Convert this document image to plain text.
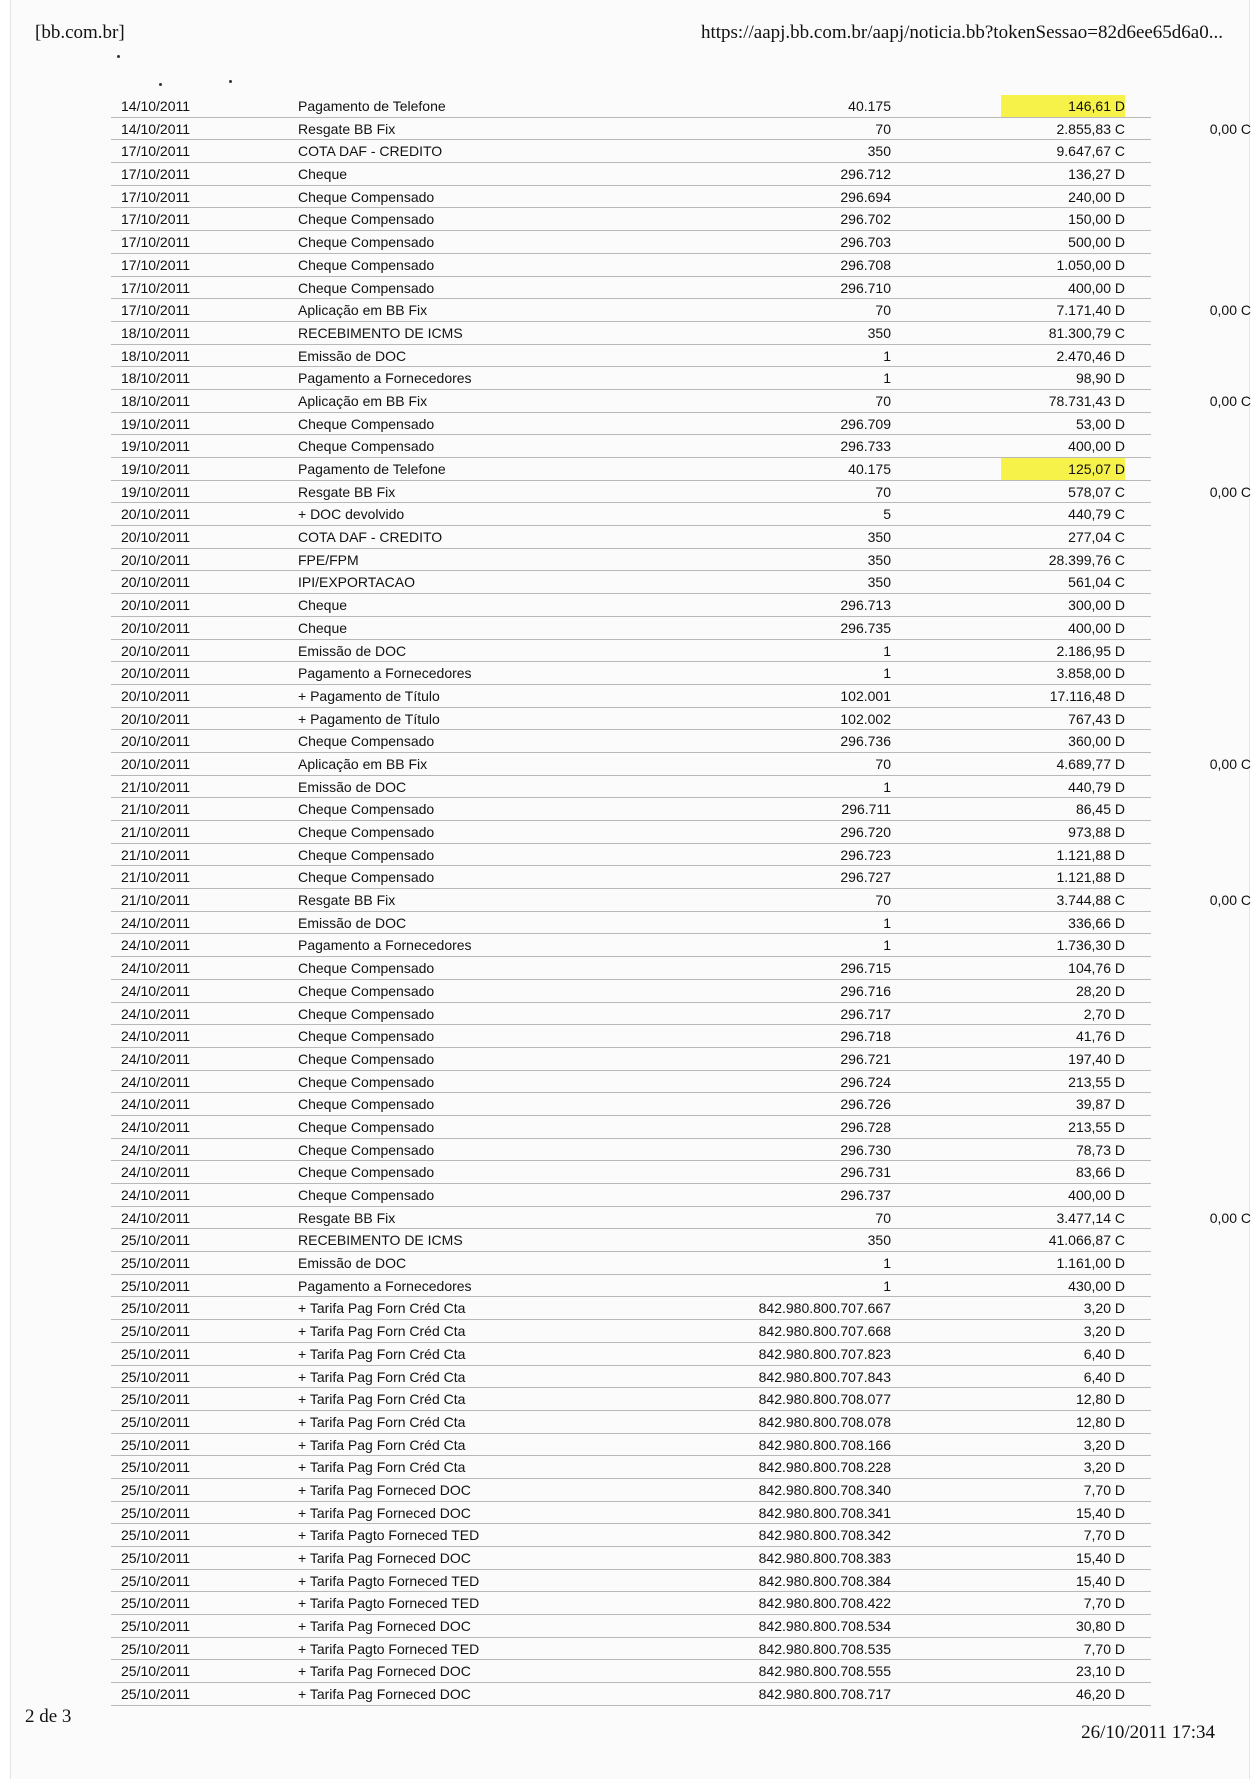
[bb.com.br]	https://aapj.bb.com.br/aapj/noticia.bb?tokenSessao=82d6ee65d6a0...
14/10/2011	Pagamento de Telefone	40.175	146,61 D
14/10/2011	Resgate BB Fix	70	2.855,83 C	0,00 C
17/10/2011	COTA DAF - CREDITO	350	9.647,67 C
17/10/2011	Cheque	296.712	136,27 D
17/10/2011	Cheque Compensado	296.694	240,00 D
17/10/2011	Cheque Compensado	296.702	150,00 D
17/10/2011	Cheque Compensado	296.703	500,00 D
17/10/2011	Cheque Compensado	296.708	1.050,00 D
17/10/2011	Cheque Compensado	296.710	400,00 D
17/10/2011	Aplicação em BB Fix	70	7.171,40 D	0,00 C
18/10/2011	RECEBIMENTO DE ICMS	350	81.300,79 C
18/10/2011	Emissão de DOC	1	2.470,46 D
18/10/2011	Pagamento a Fornecedores	1	98,90 D
18/10/2011	Aplicação em BB Fix	70	78.731,43 D	0,00 C
19/10/2011	Cheque Compensado	296.709	53,00 D
19/10/2011	Cheque Compensado	296.733	400,00 D
19/10/2011	Pagamento de Telefone	40.175	125,07 D
19/10/2011	Resgate BB Fix	70	578,07 C	0,00 C
20/10/2011	+ DOC devolvido	5	440,79 C
20/10/2011	COTA DAF - CREDITO	350	277,04 C
20/10/2011	FPE/FPM	350	28.399,76 C
20/10/2011	IPI/EXPORTACAO	350	561,04 C
20/10/2011	Cheque	296.713	300,00 D
20/10/2011	Cheque	296.735	400,00 D
20/10/2011	Emissão de DOC	1	2.186,95 D
20/10/2011	Pagamento a Fornecedores	1	3.858,00 D
20/10/2011	+ Pagamento de Título	102.001	17.116,48 D
20/10/2011	+ Pagamento de Título	102.002	767,43 D
20/10/2011	Cheque Compensado	296.736	360,00 D
20/10/2011	Aplicação em BB Fix	70	4.689,77 D	0,00 C
21/10/2011	Emissão de DOC	1	440,79 D
21/10/2011	Cheque Compensado	296.711	86,45 D
21/10/2011	Cheque Compensado	296.720	973,88 D
21/10/2011	Cheque Compensado	296.723	1.121,88 D
21/10/2011	Cheque Compensado	296.727	1.121,88 D
21/10/2011	Resgate BB Fix	70	3.744,88 C	0,00 C
24/10/2011	Emissão de DOC	1	336,66 D
24/10/2011	Pagamento a Fornecedores	1	1.736,30 D
24/10/2011	Cheque Compensado	296.715	104,76 D
24/10/2011	Cheque Compensado	296.716	28,20 D
24/10/2011	Cheque Compensado	296.717	2,70 D
24/10/2011	Cheque Compensado	296.718	41,76 D
24/10/2011	Cheque Compensado	296.721	197,40 D
24/10/2011	Cheque Compensado	296.724	213,55 D
24/10/2011	Cheque Compensado	296.726	39,87 D
24/10/2011	Cheque Compensado	296.728	213,55 D
24/10/2011	Cheque Compensado	296.730	78,73 D
24/10/2011	Cheque Compensado	296.731	83,66 D
24/10/2011	Cheque Compensado	296.737	400,00 D
24/10/2011	Resgate BB Fix	70	3.477,14 C	0,00 C
25/10/2011	RECEBIMENTO DE ICMS	350	41.066,87 C
25/10/2011	Emissão de DOC	1	1.161,00 D
25/10/2011	Pagamento a Fornecedores	1	430,00 D
25/10/2011	+ Tarifa Pag Forn Créd Cta	842.980.800.707.667	3,20 D
25/10/2011	+ Tarifa Pag Forn Créd Cta	842.980.800.707.668	3,20 D
25/10/2011	+ Tarifa Pag Forn Créd Cta	842.980.800.707.823	6,40 D
25/10/2011	+ Tarifa Pag Forn Créd Cta	842.980.800.707.843	6,40 D
25/10/2011	+ Tarifa Pag Forn Créd Cta	842.980.800.708.077	12,80 D
25/10/2011	+ Tarifa Pag Forn Créd Cta	842.980.800.708.078	12,80 D
25/10/2011	+ Tarifa Pag Forn Créd Cta	842.980.800.708.166	3,20 D
25/10/2011	+ Tarifa Pag Forn Créd Cta	842.980.800.708.228	3,20 D
25/10/2011	+ Tarifa Pag Forneced DOC	842.980.800.708.340	7,70 D
25/10/2011	+ Tarifa Pag Forneced DOC	842.980.800.708.341	15,40 D
25/10/2011	+ Tarifa Pagto Forneced TED	842.980.800.708.342	7,70 D
25/10/2011	+ Tarifa Pag Forneced DOC	842.980.800.708.383	15,40 D
25/10/2011	+ Tarifa Pagto Forneced TED	842.980.800.708.384	15,40 D
25/10/2011	+ Tarifa Pagto Forneced TED	842.980.800.708.422	7,70 D
25/10/2011	+ Tarifa Pag Forneced DOC	842.980.800.708.534	30,80 D
25/10/2011	+ Tarifa Pagto Forneced TED	842.980.800.708.535	7,70 D
25/10/2011	+ Tarifa Pag Forneced DOC	842.980.800.708.555	23,10 D
25/10/2011	+ Tarifa Pag Forneced DOC	842.980.800.708.717	46,20 D
2 de 3
26/10/2011 17:34
